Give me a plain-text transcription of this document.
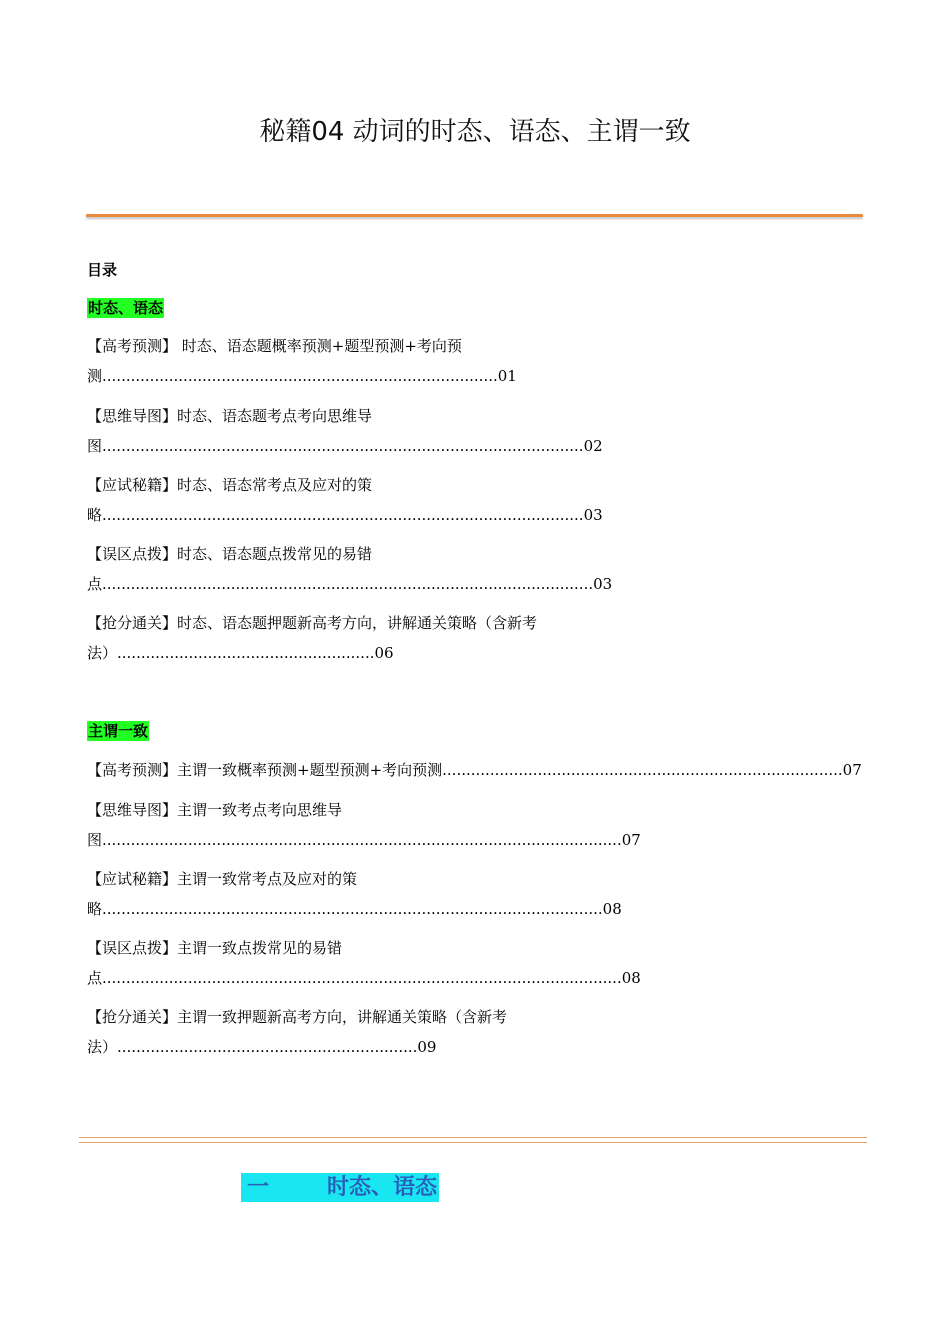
秘籍04 动词的时态、语态、主谓一致
目录
时态、语态
【高考预测】 时态、语态题概率预测+题型预测+考向预
测...................................................................................01
【思维导图】时态、语态题考点考向思维导
图.....................................................................................................02
【应试秘籍】时态、语态常考点及应对的策
略.....................................................................................................03
【误区点拨】时态、语态题点拨常见的易错
点.......................................................................................................03
【抢分通关】时态、语态题押题新高考方向，讲解通关策略（含新考
法）......................................................06
主谓一致
【高考预测】主谓一致概率预测+题型预测+考向预测....................................................................................07
【思维导图】主谓一致考点考向思维导
图.............................................................................................................07
【应试秘籍】主谓一致常考点及应对的策
略.........................................................................................................08
【误区点拨】主谓一致点拨常见的易错
点.............................................................................................................08
【抢分通关】主谓一致押题新高考方向，讲解通关策略（含新考
法）...............................................................09
一	时态、语态
